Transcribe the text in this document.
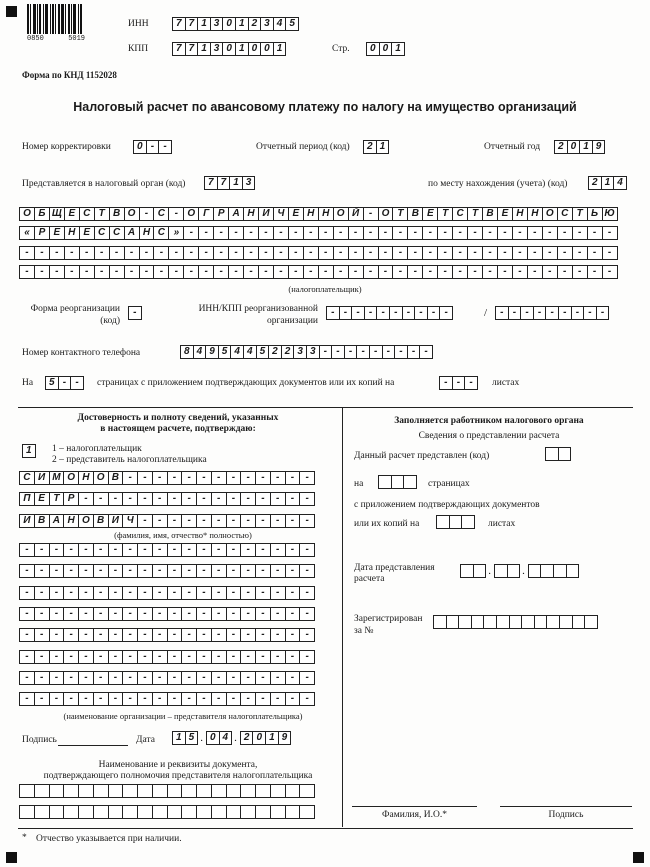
0850	5019
ИНН	7 7 1 3 0 1 2 3 4 5
КПП	7 7 1 3 0 1 0 0 1	Стр.	0 0 1
Форма по КНД 1152028
Налоговый расчет по авансовому платежу по налогу на имущество организаций
Номер корректировки	0 - -	Отчетный период (код)	2 1	Отчетный год	2 0 1 9
Представляется в налоговый орган (код)	7 7 1 3	по месту нахождения (учета) (код)	2 1 4
О Б Щ Е С Т В О - С - О Г Р А Н И Ч Е Н Н О Й - О Т В Е Т С Т В Е Н Н О С Т Ь Ю
« Р Е Н Е С С А Н С »	-	-	-	-	-	-	-	-	-	-	-	-	-	-	-	-	-	-	-	-	-	-	-	-	-	-	-	-	-
-	-	-	-	-	-	-	-	-	-	-	-	-	-	-	-	-	-	-	-	-	-	-	-	-	-	-	-	-	-	-	-	-	-	-	-	-	-	-	-
-	-	-	-	-	-	-	-	-	-	-	-	-	-	-	-	-	-	-	-	-	-	-	-	-	-	-	-	-	-	-	-	-	-	-	-	-	-	-	-
(налогоплательщик)
Форма реорганизации
(код)
-	ИНН/КПП реорганизованной
организации
- - - - - - - - - -	/	- - - - - - - - -
Номер контактного телефона	8 4 9 5 4 4 5 2 2 3 3 - - - - - - - - -
На	5 - -	страницах с приложением подтверждающих документов или их копий на	- - -	листах
Достоверность и полноту сведений, указанных
в настоящем расчете, подтверждаю:
1	1 – налогоплательщик
2 – представитель налогоплательщика
С И М О Н О В -	-	-	-	-	-	-	-	-	-	-	-	-
П Е Т Р -	-	-	-	-	-	-	-	-	-	-	-	-	-	-	-
И В А Н О В И Ч -	-	-	-	-	-	-	-	-	-	-	-
(фамилия, имя, отчество* полностью)
-	-	-	-	-	-	-	-	-	-	-	-	-	-	-	-	-	-	-	-
-	-	-	-	-	-	-	-	-	-	-	-	-	-	-	-	-	-	-	-
-	-	-	-	-	-	-	-	-	-	-	-	-	-	-	-	-	-	-	-
-	-	-	-	-	-	-	-	-	-	-	-	-	-	-	-	-	-	-	-
-	-	-	-	-	-	-	-	-	-	-	-	-	-	-	-	-	-	-	-
-	-	-	-	-	-	-	-	-	-	-	-	-	-	-	-	-	-	-	-
-	-	-	-	-	-	-	-	-	-	-	-	-	-	-	-	-	-	-	-
-	-	-	-	-	-	-	-	-	-	-	-	-	-	-	-	-	-	-	-
(наименование организации – представителя налогоплательщика)
Подпись	Дата	1 5 . 0 4 . 2 0 1 9
Наименование и реквизиты документа,
подтверждающего полномочия представителя налогоплательщика
Заполняется работником налогового органа
Сведения о представлении расчета
Данный расчет представлен (код)
на	страницах
с приложением подтверждающих документов
или их копий на	листах
Дата представления
расчета
.	.
Зарегистрирован
за №
Фамилия, И.О.*	Подпись
* Отчество указывается при наличии.
